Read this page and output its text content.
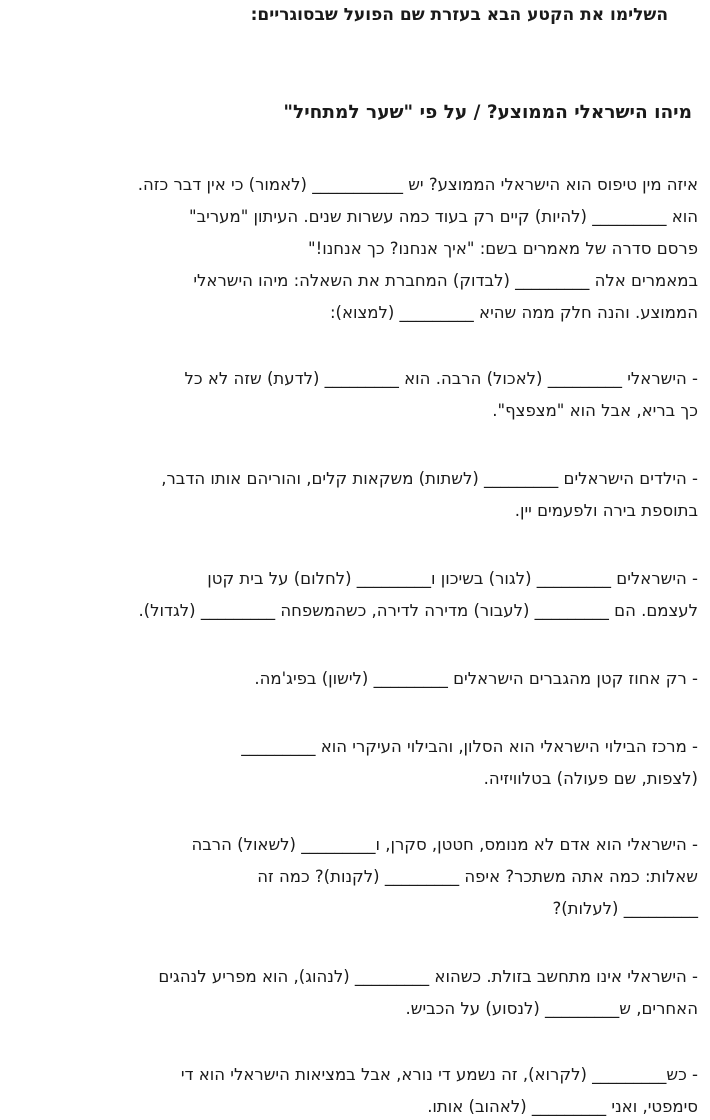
השלימו את הקטע הבא בעזרת שם הפועל שבסוגריים:
מיהו הישראלי הממוצע? / על פי "שער למתחיל"
איזה מין טיפוס הוא הישראלי הממוצע? יש ___________ (לאמור) כי אין דבר כזה.
הוא _________ (להיות) קיים רק בעוד כמה עשרות שנים. העיתון "מעריב"
פרסם סדרה של מאמרים בשם: "איך אנחנו? כך אנחנו!"
במאמרים אלה _________ (לבדוק) המחברת את השאלה: מיהו הישראלי
הממוצע. והנה חלק ממה שהיא _________ (למצוא):
- הישראלי _________ (לאכול) הרבה. הוא _________ (לדעת) שזה לא כל
כך בריא, אבל הוא "מצפצף".
- הילדים הישראלים _________ (לשתות) משקאות קלים, והוריהם אותו הדבר,
בתוספת בירה ולפעמים יין.
- הישראלים _________ (לגור) בשיכון ו_________ (לחלום) על בית קטן
לעצמם. הם _________ (לעבור) מדירה לדירה, כשהמשפחה _________ (לגדול).
- רק אחוז קטן מהגברים הישראלים _________ (לישון) בפיג'מה.
- מרכז הבילוי הישראלי הוא הסלון, והבילוי העיקרי הוא _________
(לצפות, שם פעולה) בטלוויזיה.
- הישראלי הוא אדם לא מנומס, חטטן, סקרן, ו_________ (לשאול) הרבה
שאלות: כמה אתה משתכר? איפה _________ (לקנות)? כמה זה
_________ (לעלות)?
- הישראלי אינו מתחשב בזולת. כשהוא _________ (לנהוג), הוא מפריע לנהגים
האחרים, ש_________ (לנסוע) על הכביש.
- כש_________ (לקרוא), זה נשמע די נורא, אבל במציאות הישראלי הוא די
סימפטי, ואני _________ (לאהוב) אותו.
